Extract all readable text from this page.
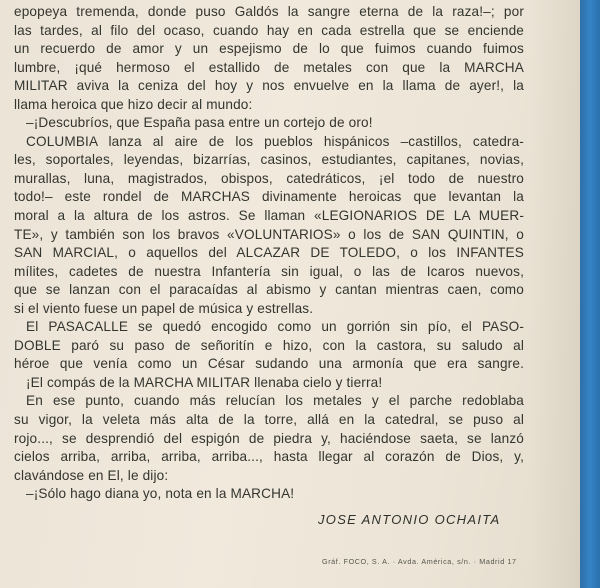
epopeya tremenda, donde puso Galdós la sangre eterna de la raza!–; por
las tardes, al filo del ocaso, cuando hay en cada estrella que se enciende
un recuerdo de amor y un espejismo de lo que fuimos cuando fuimos
lumbre, ¡qué hermoso el estallido de metales con que la MARCHA
MILITAR aviva la ceniza del hoy y nos envuelve en la llama de ayer!, la
llama heroica que hizo decir al mundo:
–¡Descubríos, que España pasa entre un cortejo de oro!
COLUMBIA lanza al aire de los pueblos hispánicos –castillos, catedra-
les, soportales, leyendas, bizarrías, casinos, estudiantes, capitanes, novias,
murallas, luna, magistrados, obispos, catedráticos, ¡el todo de nuestro
todo!– este rondel de MARCHAS divinamente heroicas que levantan la
moral a la altura de los astros. Se llaman «LEGIONARIOS DE LA MUER-
TE», y también son los bravos «VOLUNTARIOS» o los de SAN QUINTIN, o
SAN MARCIAL, o aquellos del ALCAZAR DE TOLEDO, o los INFANTES
mílites, cadetes de nuestra Infantería sin igual, o las de Icaros nuevos,
que se lanzan con el paracaídas al abismo y cantan mientras caen, como
si el viento fuese un papel de música y estrellas.
El PASACALLE se quedó encogido como un gorrión sin pío, el PASO-
DOBLE paró su paso de señoritín e hizo, con la castora, su saludo al
héroe que venía como un César sudando una armonía que era sangre.
¡El compás de la MARCHA MILITAR llenaba cielo y tierra!
En ese punto, cuando más relucían los metales y el parche redoblaba
su vigor, la veleta más alta de la torre, allá en la catedral, se puso al
rojo..., se desprendió del espigón de piedra y, haciéndose saeta, se lanzó
cielos arriba, arriba, arriba, arriba..., hasta llegar al corazón de Dios, y,
clavándose en El, le dijo:
–¡Sólo hago diana yo, nota en la MARCHA!
JOSE ANTONIO OCHAITA
Gráf. FOCO, S. A. · Avda. América, s/n. · Madrid 17
